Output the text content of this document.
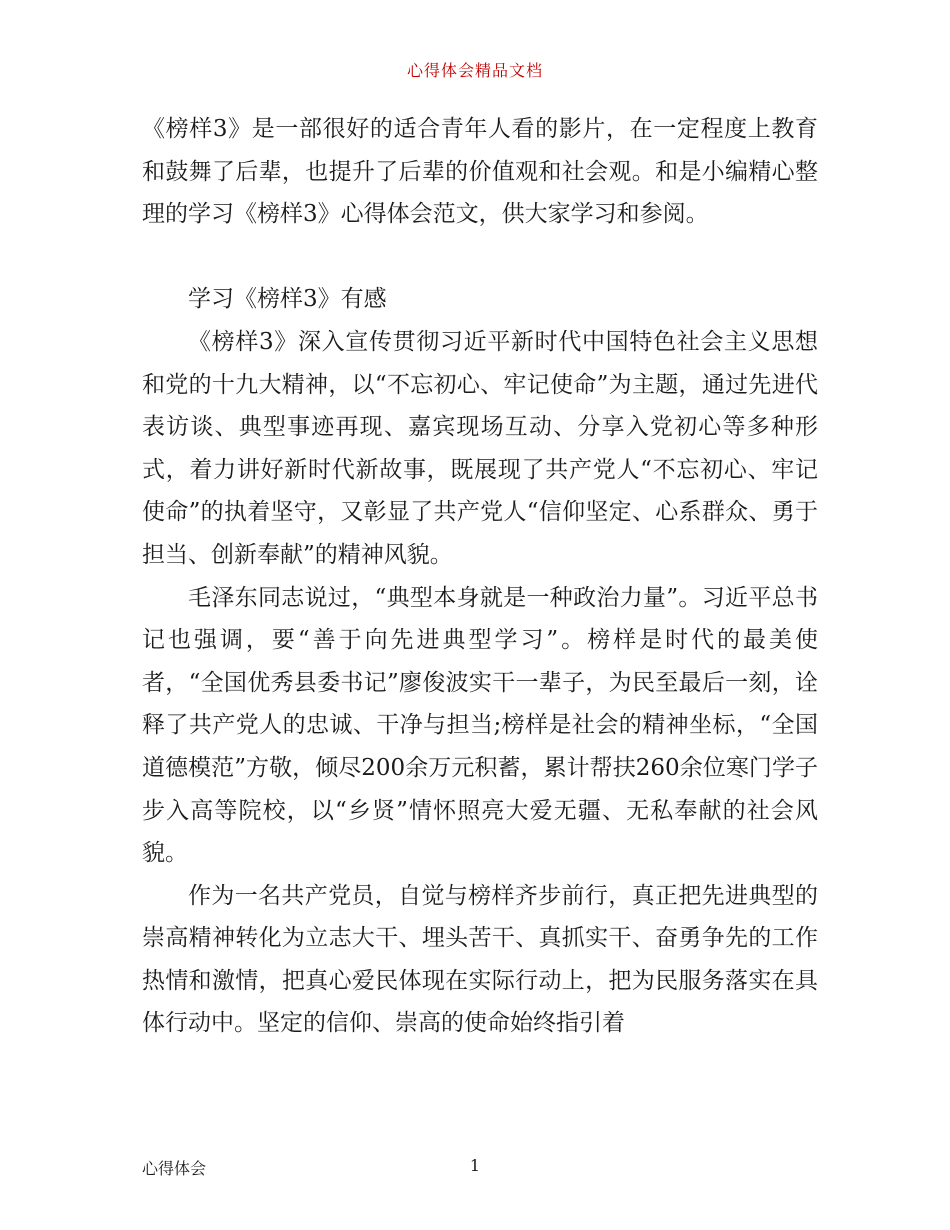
心得体会精品文档

《榜样3》是一部很好的适合青年人看的影片，在一定程度上教育和鼓舞了后辈，也提升了后辈的价值观和社会观。和是小编精心整理的学习《榜样3》心得体会范文，供大家学习和参阅。

学习《榜样3》有感

《榜样3》深入宣传贯彻习近平新时代中国特色社会主义思想和党的十九大精神，以“不忘初心、牢记使命”为主题，通过先进代表访谈、典型事迹再现、嘉宾现场互动、分享入党初心等多种形式，着力讲好新时代新故事，既展现了共产党人“不忘初心、牢记使命”的执着坚守，又彰显了共产党人“信仰坚定、心系群众、勇于担当、创新奉献”的精神风貌。

毛泽东同志说过，“典型本身就是一种政治力量”。习近平总书记也强调，要“善于向先进典型学习”。榜样是时代的最美使者，“全国优秀县委书记”廖俊波实干一辈子，为民至最后一刻，诠释了共产党人的忠诚、干净与担当;榜样是社会的精神坐标，“全国道德模范”方敬，倾尽200余万元积蓄，累计帮扶260余位寒门学子步入高等院校，以“乡贤”情怀照亮大爱无疆、无私奉献的社会风貌。

作为一名共产党员，自觉与榜样齐步前行，真正把先进典型的崇高精神转化为立志大干、埋头苦干、真抓实干、奋勇争先的工作热情和激情，把真心爱民体现在实际行动上，把为民服务落实在具体行动中。坚定的信仰、崇高的使命始终指引着

心得体会	1
